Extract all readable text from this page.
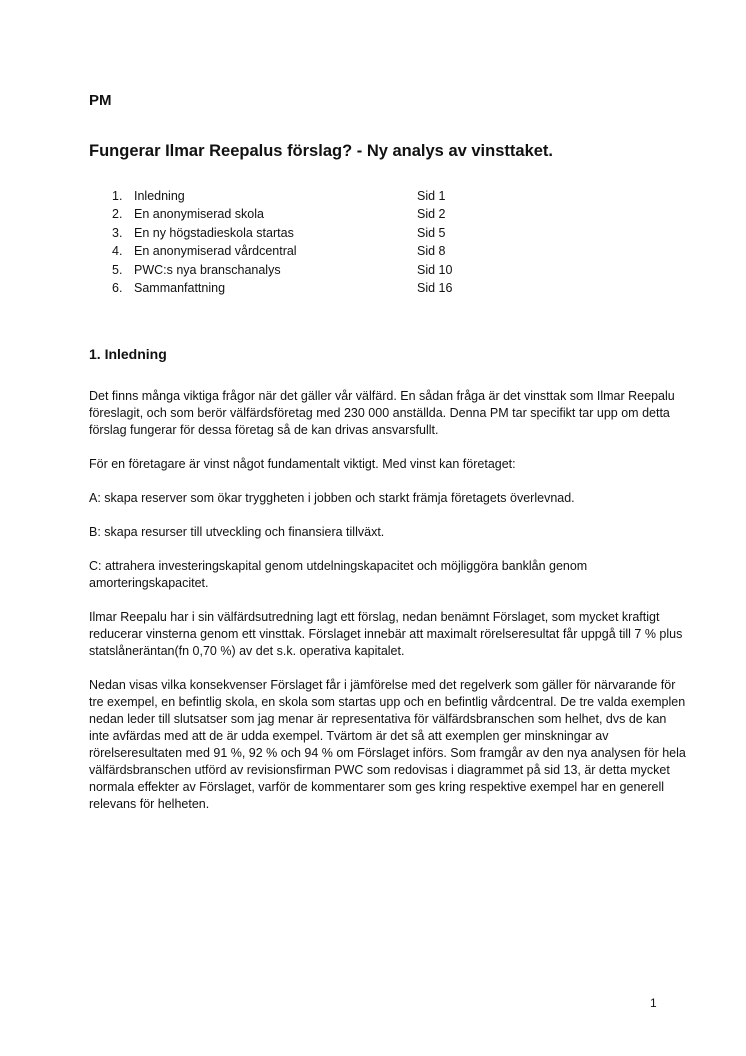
PM
Fungerar Ilmar Reepalus förslag? - Ny analys av vinsttaket.
1. Inledning	Sid 1
2. En anonymiserad skola	Sid 2
3. En ny högstadieskola startas	Sid 5
4. En anonymiserad vårdcentral	Sid 8
5. PWC:s nya branschanalys	Sid 10
6. Sammanfattning	Sid 16
1. Inledning

Det finns många viktiga frågor när det gäller vår välfärd. En sådan fråga är det vinsttak som Ilmar Reepalu föreslagit, och som berör välfärdsföretag med 230 000 anställda. Denna PM tar specifikt tar upp om detta förslag fungerar för dessa företag så de kan drivas ansvarsfullt.

För en företagare är vinst något fundamentalt viktigt. Med vinst kan företaget:

A: skapa reserver som ökar tryggheten i jobben och starkt främja företagets överlevnad.

B: skapa resurser till utveckling och finansiera tillväxt.

C: attrahera investeringskapital genom utdelningskapacitet och möjliggöra banklån genom amorteringskapacitet.

Ilmar Reepalu har i sin välfärdsutredning lagt ett förslag, nedan benämnt Förslaget, som mycket kraftigt reducerar vinsterna genom ett vinsttak. Förslaget innebär att maximalt rörelseresultat får uppgå till 7 % plus statslåneräntan(fn 0,70 %) av det s.k. operativa kapitalet.

Nedan visas vilka konsekvenser Förslaget får i jämförelse med det regelverk som gäller för närvarande för tre exempel, en befintlig skola, en skola som startas upp och en befintlig vårdcentral. De tre valda exemplen nedan leder till slutsatser som jag menar är representativa för välfärdsbranschen som helhet, dvs de kan inte avfärdas med att de är udda exempel. Tvärtom är det så att exemplen ger minskningar av rörelseresultaten med 91 %, 92 % och 94 % om Förslaget införs. Som framgår av den nya analysen för hela välfärdsbranschen utförd av revisionsfirman PWC som redovisas i diagrammet på sid 13, är detta mycket normala effekter av Förslaget, varför de kommentarer som ges kring respektive exempel har en generell relevans för helheten.

1
